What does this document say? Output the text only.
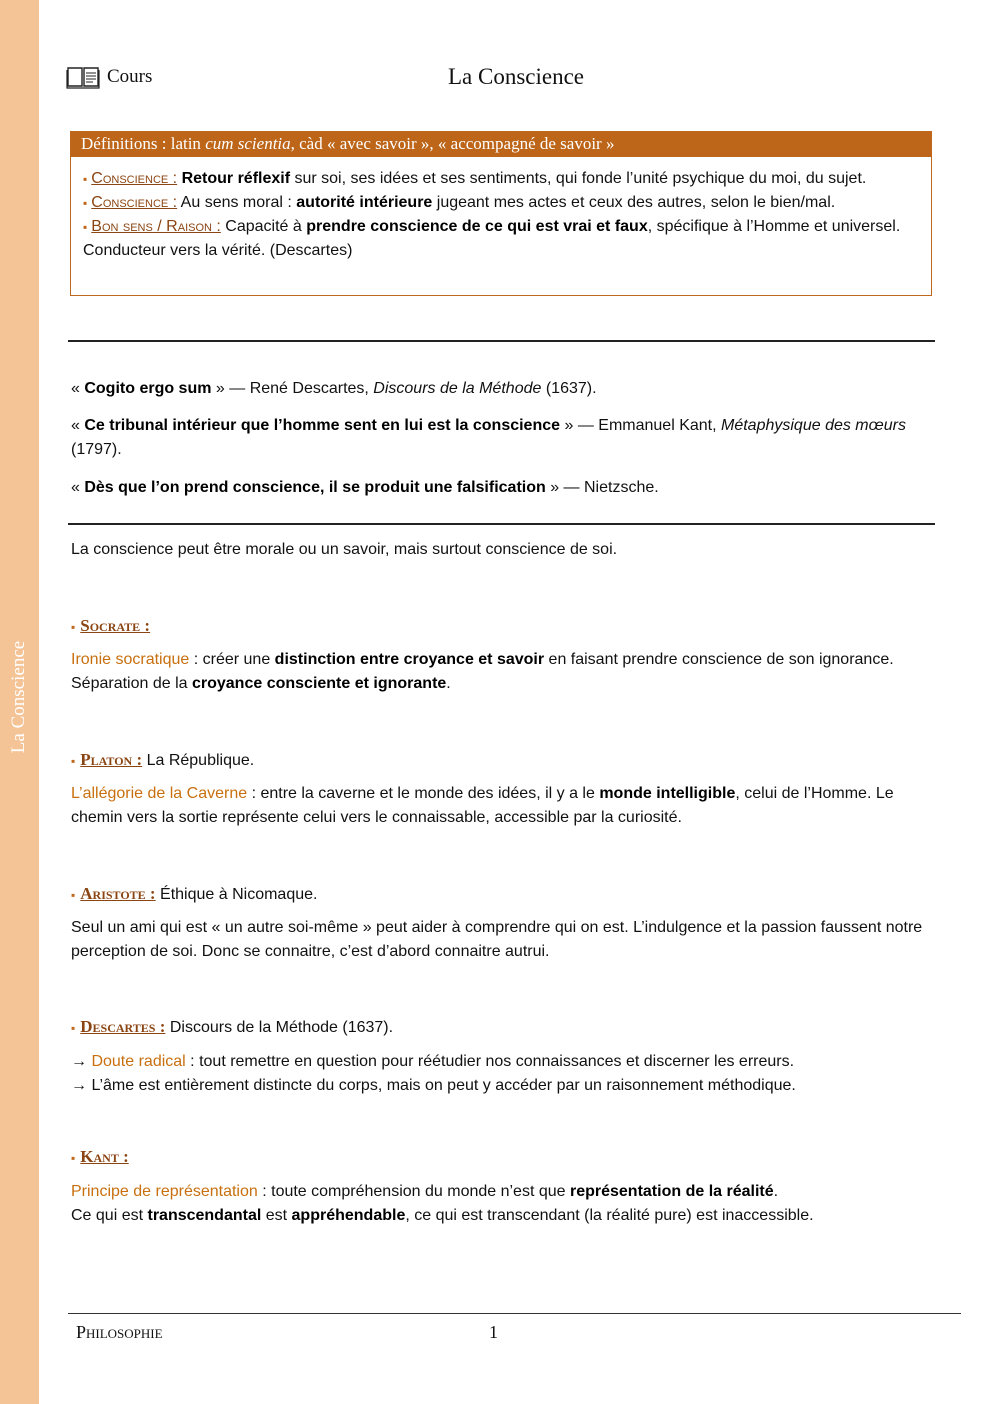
La Conscience
Cours	La Conscience
Définitions : latin cum scientia, càd « avec savoir », « accompagné de savoir »

▪ Conscience : Retour réflexif sur soi, ses idées et ses sentiments, qui fonde l’unité psychique du moi, du sujet.

▪ Conscience : Au sens moral : autorité intérieure jugeant mes actes et ceux des autres, selon le bien/mal.

▪ Bon sens / Raison : Capacité à prendre conscience de ce qui est vrai et faux, spécifique à l’Homme et universel. Conducteur vers la vérité. (Descartes)

« Cogito ergo sum » — René Descartes, Discours de la Méthode (1637).

« Ce tribunal intérieur que l’homme sent en lui est la conscience » — Emmanuel Kant, Métaphysique des mœurs (1797).

« Dès que l’on prend conscience, il se produit une falsification » — Nietzsche.

La conscience peut être morale ou un savoir, mais surtout conscience de soi.

▪ Socrate :

Ironie socratique : créer une distinction entre croyance et savoir en faisant prendre conscience de son ignorance. Séparation de la croyance consciente et ignorante.

▪ Platon : La République.

L’allégorie de la Caverne : entre la caverne et le monde des idées, il y a le monde intelligible, celui de l’Homme. Le chemin vers la sortie représente celui vers le connaissable, accessible par la curiosité.

▪ Aristote : Éthique à Nicomaque.

Seul un ami qui est « un autre soi-même » peut aider à comprendre qui on est. L’indulgence et la passion faussent notre perception de soi. Donc se connaitre, c’est d’abord connaitre autrui.

▪ Descartes : Discours de la Méthode (1637).

→ Doute radical : tout remettre en question pour réétudier nos connaissances et discerner les erreurs.
→ L’âme est entièrement distincte du corps, mais on peut y accéder par un raisonnement méthodique.

▪ Kant :

Principe de représentation : toute compréhension du monde n’est que représentation de la réalité.
Ce qui est transcendantal est appréhendable, ce qui est transcendant (la réalité pure) est inaccessible.

Philosophie	1
